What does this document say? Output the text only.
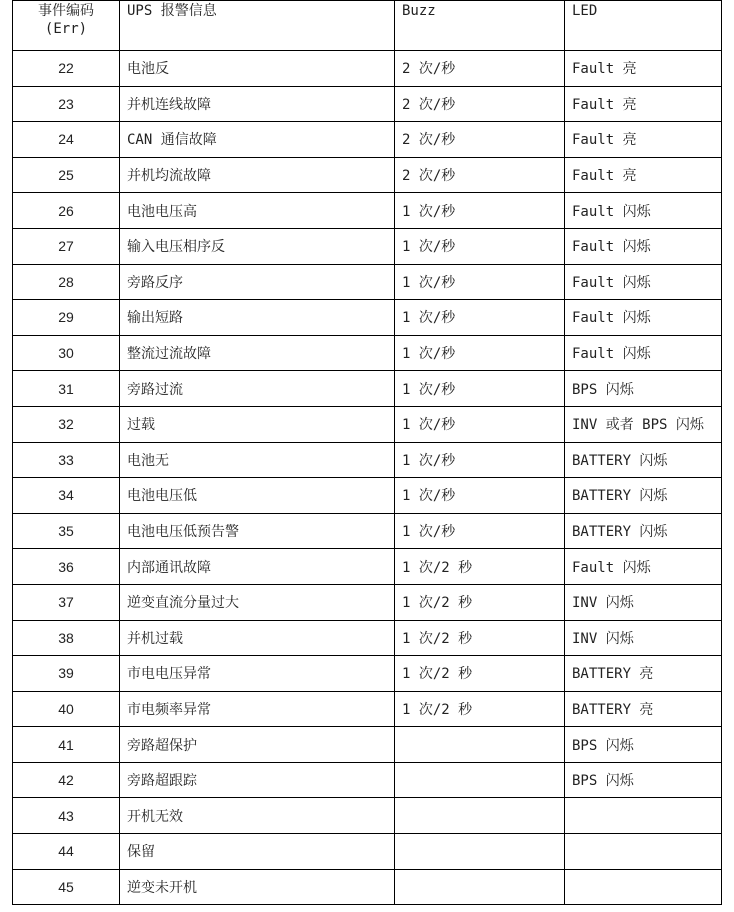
事件编码
(Err)	UPS 报警信息	Buzz	LED
22	电池反	2 次/秒	Fault 亮
23	并机连线故障	2 次/秒	Fault 亮
24	CAN 通信故障	2 次/秒	Fault 亮
25	并机均流故障	2 次/秒	Fault 亮
26	电池电压高	1 次/秒	Fault 闪烁
27	输入电压相序反	1 次/秒	Fault 闪烁
28	旁路反序	1 次/秒	Fault 闪烁
29	输出短路	1 次/秒	Fault 闪烁
30	整流过流故障	1 次/秒	Fault 闪烁
31	旁路过流	1 次/秒	BPS 闪烁
32	过载	1 次/秒	INV 或者 BPS 闪烁
33	电池无	1 次/秒	BATTERY 闪烁
34	电池电压低	1 次/秒	BATTERY 闪烁
35	电池电压低预告警	1 次/秒	BATTERY 闪烁
36	内部通讯故障	1 次/2 秒	Fault 闪烁
37	逆变直流分量过大	1 次/2 秒	INV 闪烁
38	并机过载	1 次/2 秒	INV 闪烁
39	市电电压异常	1 次/2 秒	BATTERY 亮
40	市电频率异常	1 次/2 秒	BATTERY 亮
41	旁路超保护		BPS 闪烁
42	旁路超跟踪		BPS 闪烁
43	开机无效		
44	保留		
45	逆变未开机		
